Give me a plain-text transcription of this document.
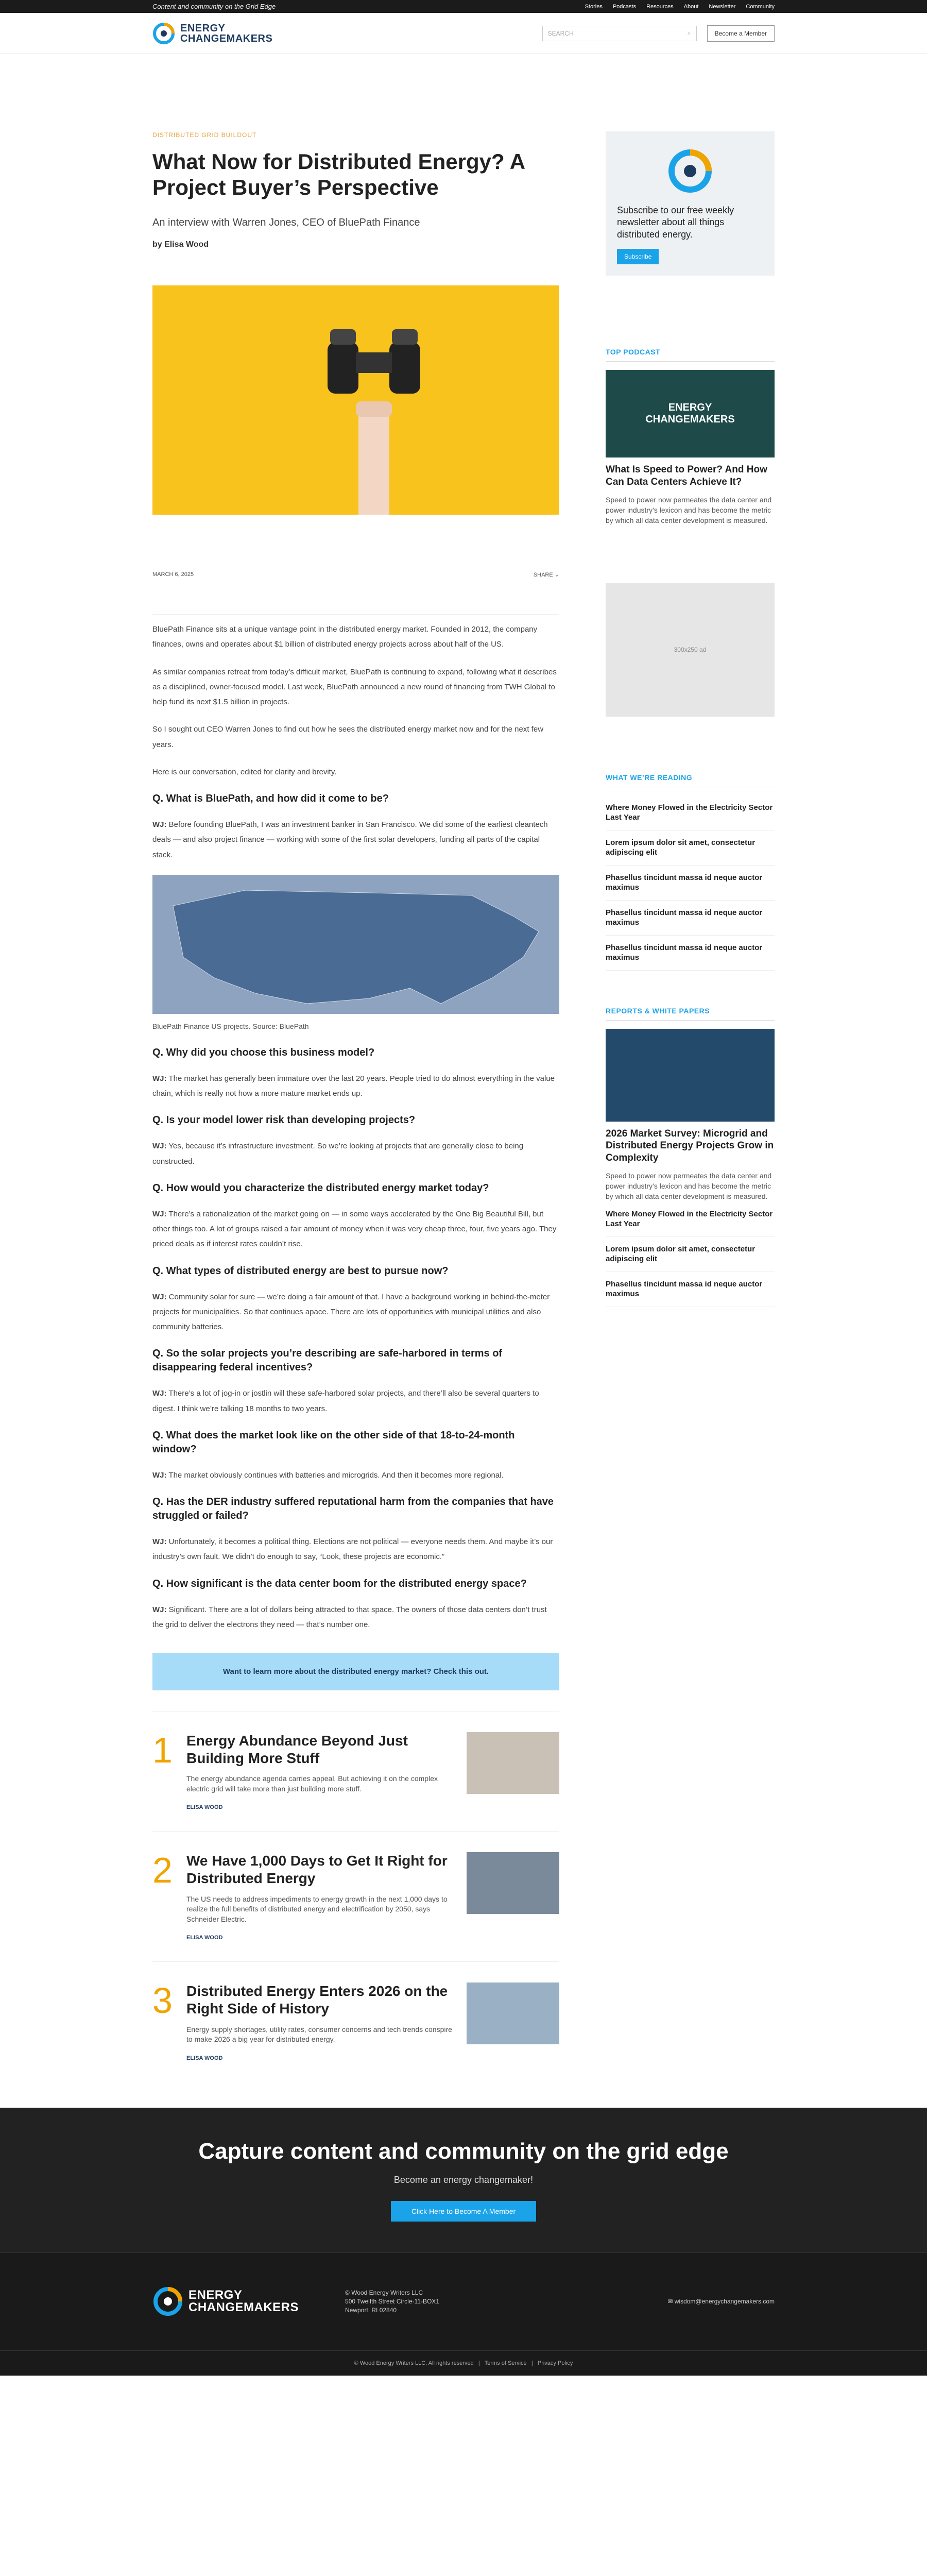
Content and community on the Grid Edge	Stories Podcasts Resources About Newsletter Community
ENERGY
CHANGEMAKERS	SEARCH	⌕	Become a Member
DISTRIBUTED GRID BUILDOUT
What Now for Distributed Energy? A Project Buyer’s Perspective
An interview with Warren Jones, CEO of BluePath Finance
by Elisa Wood
MARCH 6, 2025	SHARE ⌄

BluePath Finance sits at a unique vantage point in the distributed energy market. Founded in 2012, the company finances, owns and operates about $1 billion of distributed energy projects across about half of the US.

As similar companies retreat from today’s difficult market, BluePath is continuing to expand, following what it describes as a disciplined, owner-focused model. Last week, BluePath announced a new round of financing from TWH Global to help fund its next $1.5 billion in projects.

So I sought out CEO Warren Jones to find out how he sees the distributed energy market now and for the next few years.

Here is our conversation, edited for clarity and brevity.

Q. What is BluePath, and how did it come to be?

WJ: Before founding BluePath, I was an investment banker in San Francisco. We did some of the earliest cleantech deals — and also project finance — working with some of the first solar developers, funding all parts of the capital stack.

BluePath Finance US projects. Source: BluePath
Q. Why did you choose this business model?

WJ: The market has generally been immature over the last 20 years. People tried to do almost everything in the value chain, which is really not how a more mature market ends up.

Q. Is your model lower risk than developing projects?

WJ: Yes, because it’s infrastructure investment. So we’re looking at projects that are generally close to being constructed.

Q. How would you characterize the distributed energy market today?

WJ: There’s a rationalization of the market going on — in some ways accelerated by the One Big Beautiful Bill, but other things too. A lot of groups raised a fair amount of money when it was very cheap three, four, five years ago. They priced deals as if interest rates couldn’t rise.

Q. What types of distributed energy are best to pursue now?

WJ: Community solar for sure — we’re doing a fair amount of that. I have a background working in behind-the-meter projects for municipalities. So that continues apace. There are lots of opportunities with municipal utilities and also community batteries.

Q. So the solar projects you’re describing are safe-harbored in terms of disappearing federal incentives?

WJ: There’s a lot of jog-in or jostlin will these safe-harbored solar projects, and there’ll also be several quarters to digest. I think we’re talking 18 months to two years.

Q. What does the market look like on the other side of that 18-to-24-month window?

WJ: The market obviously continues with batteries and microgrids. And then it becomes more regional.

Q. Has the DER industry suffered reputational harm from the companies that have struggled or failed?

WJ: Unfortunately, it becomes a political thing. Elections are not political — everyone needs them. And maybe it’s our industry’s own fault. We didn’t do enough to say, “Look, these projects are economic.”

Q. How significant is the data center boom for the distributed energy space?

WJ: Significant. There are a lot of dollars being attracted to that space. The owners of those data centers don’t trust the grid to deliver the electrons they need — that’s number one.

Want to learn more about the distributed energy market? Check this out.
1 Energy Abundance Beyond Just Building More Stuff

The energy abundance agenda carries appeal. But achieving it on the complex electric grid will take more than just building more stuff.

ELISA WOOD
2 We Have 1,000 Days to Get It Right for Distributed Energy

The US needs to address impediments to energy growth in the next 1,000 days to realize the full benefits of distributed energy and electrification by 2050, says Schneider Electric.

ELISA WOOD
3 Distributed Energy Enters 2026 on the Right Side of History

Energy supply shortages, utility rates, consumer concerns and tech trends conspire to make 2026 a big year for distributed energy.

ELISA WOOD

Subscribe to our free weekly newsletter about all things distributed energy.

Subscribe
TOP PODCAST
ENERGY
CHANGEMAKERS
What Is Speed to Power? And How Can Data Centers Achieve It?
Speed to power now permeates the data center and power industry’s lexicon and has become the metric by which all data center development is measured.
300x250 ad
WHAT WE’RE READING
Where Money Flowed in the Electricity Sector Last Year
Lorem ipsum dolor sit amet, consectetur adipiscing elit
Phasellus tincidunt massa id neque auctor maximus
Phasellus tincidunt massa id neque auctor maximus
Phasellus tincidunt massa id neque auctor maximus
REPORTS & WHITE PAPERS
2026 Market Survey: Microgrid and Distributed Energy Projects Grow in Complexity
Speed to power now permeates the data center and power industry’s lexicon and has become the metric by which all data center development is measured.
Where Money Flowed in the Electricity Sector Last Year
Lorem ipsum dolor sit amet, consectetur adipiscing elit
Phasellus tincidunt massa id neque auctor maximus
Capture content and community on the grid edge

Become an energy changemaker!

Click Here to Become A Member
ENERGY
CHANGEMAKERS
© Wood Energy Writers LLC
500 Twelfth Street Circle-11-BOX1
Newport, RI 02840
✉ wisdom@energychangemakers.com
© Wood Energy Writers LLC, All rights reserved   |   Terms of Service   |   Privacy Policy
